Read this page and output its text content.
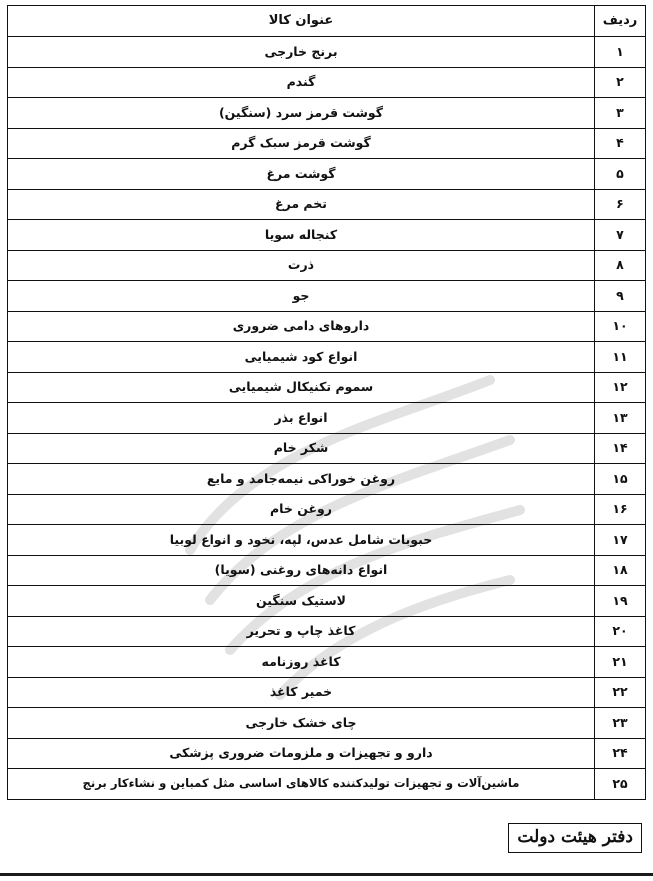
ردیف	عنوان کالا
۱	برنج خارجی
۲	گندم
۳	گوشت قرمز سرد (سنگین)
۴	گوشت قرمز سبک گرم
۵	گوشت مرغ
۶	تخم مرغ
۷	کنجاله سویا
۸	ذرت
۹	جو
۱۰	داروهای دامی ضروری
۱۱	انواع کود شیمیایی
۱۲	سموم تکنیکال شیمیایی
۱۳	انواع بذر
۱۴	شکر خام
۱۵	روغن خوراکی نیمه‌جامد و مایع
۱۶	روغن خام
۱۷	حبوبات شامل عدس، لپه، نخود و انواع لوبیا
۱۸	انواع دانه‌های روغنی (سویا)
۱۹	لاستیک سنگین
۲۰	کاغذ چاپ و تحریر
۲۱	کاغذ روزنامه
۲۲	خمیر کاغذ
۲۳	چای خشک خارجی
۲۴	دارو و تجهیزات و ملزومات ضروری پزشکی
۲۵	ماشین‌آلات و تجهیزات تولیدکننده کالاهای اساسی مثل کمباین و نشاءکار برنج
دفتر هیئت دولت
